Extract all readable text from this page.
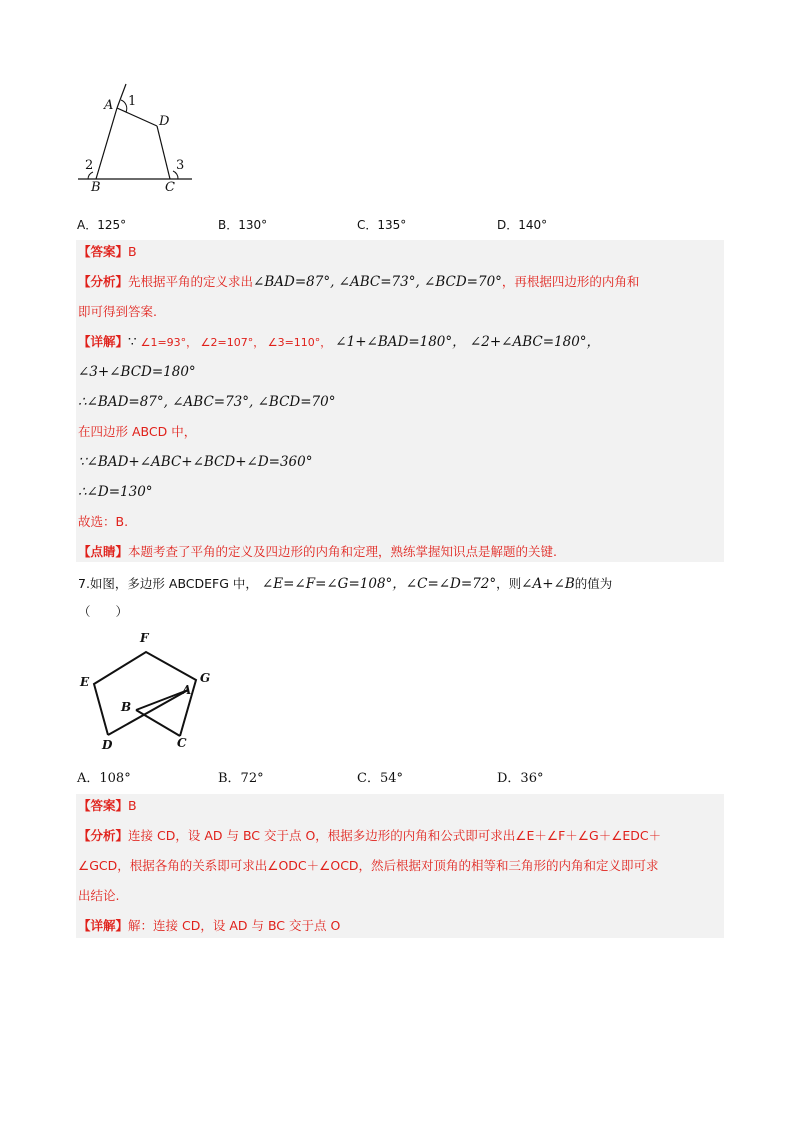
A 1
D
2	3
B	C
A．125°	B．130°	C．135°	D．140°
【答案】B
【分析】先根据平角的定义求出∠BAD=87°, ∠ABC=73°, ∠BCD=70°，再根据四边形的内角和
即可得到答案.
【详解】∵ ∠1=93°， ∠2=107°， ∠3=110°， ∠1+∠BAD=180°， ∠2+∠ABC=180°，
∠3+∠BCD=180°
∴∠BAD=87°, ∠ABC=73°, ∠BCD=70°
在四边形 ABCD 中，
∵∠BAD+∠ABC+∠BCD+∠D=360°
∴∠D=130°
故选：B.
【点睛】本题考查了平角的定义及四边形的内角和定理，熟练掌握知识点是解题的关键.
7.如图，多边形 ABCDEFG 中， ∠E=∠F=∠G=108°，∠C=∠D=72°，则∠A+∠B的值为
（　　）
F
E	G
A
B
D	C
A．108°	B．72°	C．54°	D．36°
【答案】B
【分析】连接 CD，设 AD 与 BC 交于点 O，根据多边形的内角和公式即可求出∠E＋∠F＋∠G＋∠EDC＋
∠GCD，根据各角的关系即可求出∠ODC＋∠OCD，然后根据对顶角的相等和三角形的内角和定义即可求
出结论.
【详解】解：连接 CD，设 AD 与 BC 交于点 O
